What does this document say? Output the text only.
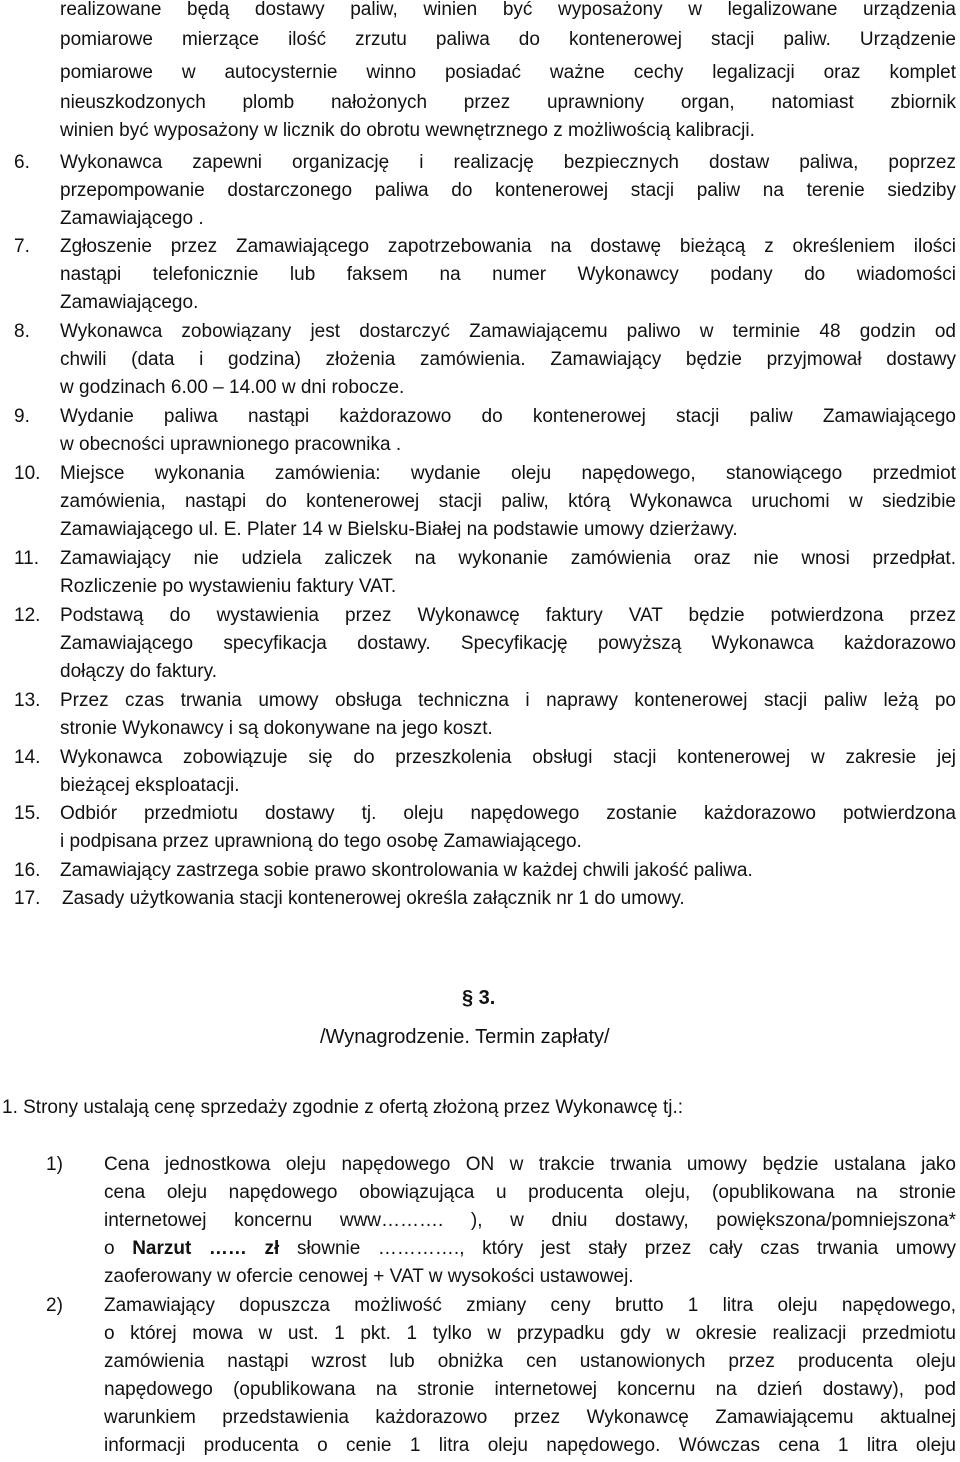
realizowane będą dostawy paliw, winien być wyposażony w legalizowane urządzenia
pomiarowe mierzące ilość zrzutu paliwa do kontenerowej stacji paliw. Urządzenie
pomiarowe w autocysternie winno posiadać ważne cechy legalizacji oraz komplet
nieuszkodzonych plomb nałożonych przez uprawniony organ, natomiast zbiornik
winien być wyposażony w licznik do obrotu wewnętrznego z możliwością kalibracji.
6. Wykonawca zapewni organizację i realizację bezpiecznych dostaw paliwa, poprzez
przepompowanie dostarczonego paliwa do kontenerowej stacji paliw na terenie siedziby
Zamawiającego .
7. Zgłoszenie przez Zamawiającego zapotrzebowania na dostawę bieżącą z określeniem ilości
nastąpi telefonicznie lub faksem na numer Wykonawcy podany do wiadomości
Zamawiającego.
8. Wykonawca zobowiązany jest dostarczyć Zamawiającemu paliwo w terminie 48 godzin od
chwili (data i godzina) złożenia zamówienia. Zamawiający będzie przyjmował dostawy
w godzinach 6.00 – 14.00 w dni robocze.
9. Wydanie paliwa nastąpi każdorazowo do kontenerowej stacji paliw Zamawiającego
w obecności uprawnionego pracownika .
10. Miejsce wykonania zamówienia: wydanie oleju napędowego, stanowiącego przedmiot
zamówienia, nastąpi do kontenerowej stacji paliw, którą Wykonawca uruchomi w siedzibie
Zamawiającego ul. E. Plater 14 w Bielsku-Białej na podstawie umowy dzierżawy.
11. Zamawiający nie udziela zaliczek na wykonanie zamówienia oraz nie wnosi przedpłat.
Rozliczenie po wystawieniu faktury VAT.
12. Podstawą do wystawienia przez Wykonawcę faktury VAT będzie potwierdzona przez
Zamawiającego specyfikacja dostawy. Specyfikację powyższą Wykonawca każdorazowo
dołączy do faktury.
13. Przez czas trwania umowy obsługa techniczna i naprawy kontenerowej stacji paliw leżą po
stronie Wykonawcy i są dokonywane na jego koszt.
14. Wykonawca zobowiązuje się do przeszkolenia obsługi stacji kontenerowej w zakresie jej
bieżącej eksploatacji.
15. Odbiór przedmiotu dostawy tj. oleju napędowego zostanie każdorazowo potwierdzona
i podpisana przez uprawnioną do tego osobę Zamawiającego.
16. Zamawiający zastrzega sobie prawo skontrolowania w każdej chwili jakość paliwa.
17. Zasady użytkowania stacji kontenerowej określa załącznik nr 1 do umowy.
§ 3.
/Wynagrodzenie. Termin zapłaty/
1. Strony ustalają cenę sprzedaży zgodnie z ofertą złożoną przez Wykonawcę tj.:
1) Cena jednostkowa oleju napędowego ON w trakcie trwania umowy będzie ustalana jako
cena oleju napędowego obowiązująca u producenta oleju, (opublikowana na stronie
internetowej koncernu www………. ), w dniu dostawy, powiększona/pomniejszona*
o Narzut …… zł słownie …………., który jest stały przez cały czas trwania umowy
zaoferowany w ofercie cenowej + VAT w wysokości ustawowej.
2) Zamawiający dopuszcza możliwość zmiany ceny brutto 1 litra oleju napędowego,
o której mowa w ust. 1 pkt. 1 tylko w przypadku gdy w okresie realizacji przedmiotu
zamówienia nastąpi wzrost lub obniżka cen ustanowionych przez producenta oleju
napędowego (opublikowana na stronie internetowej koncernu na dzień dostawy), pod
warunkiem przedstawienia każdorazowo przez Wykonawcę Zamawiającemu aktualnej
informacji producenta o cenie 1 litra oleju napędowego. Wówczas cena 1 litra oleju
